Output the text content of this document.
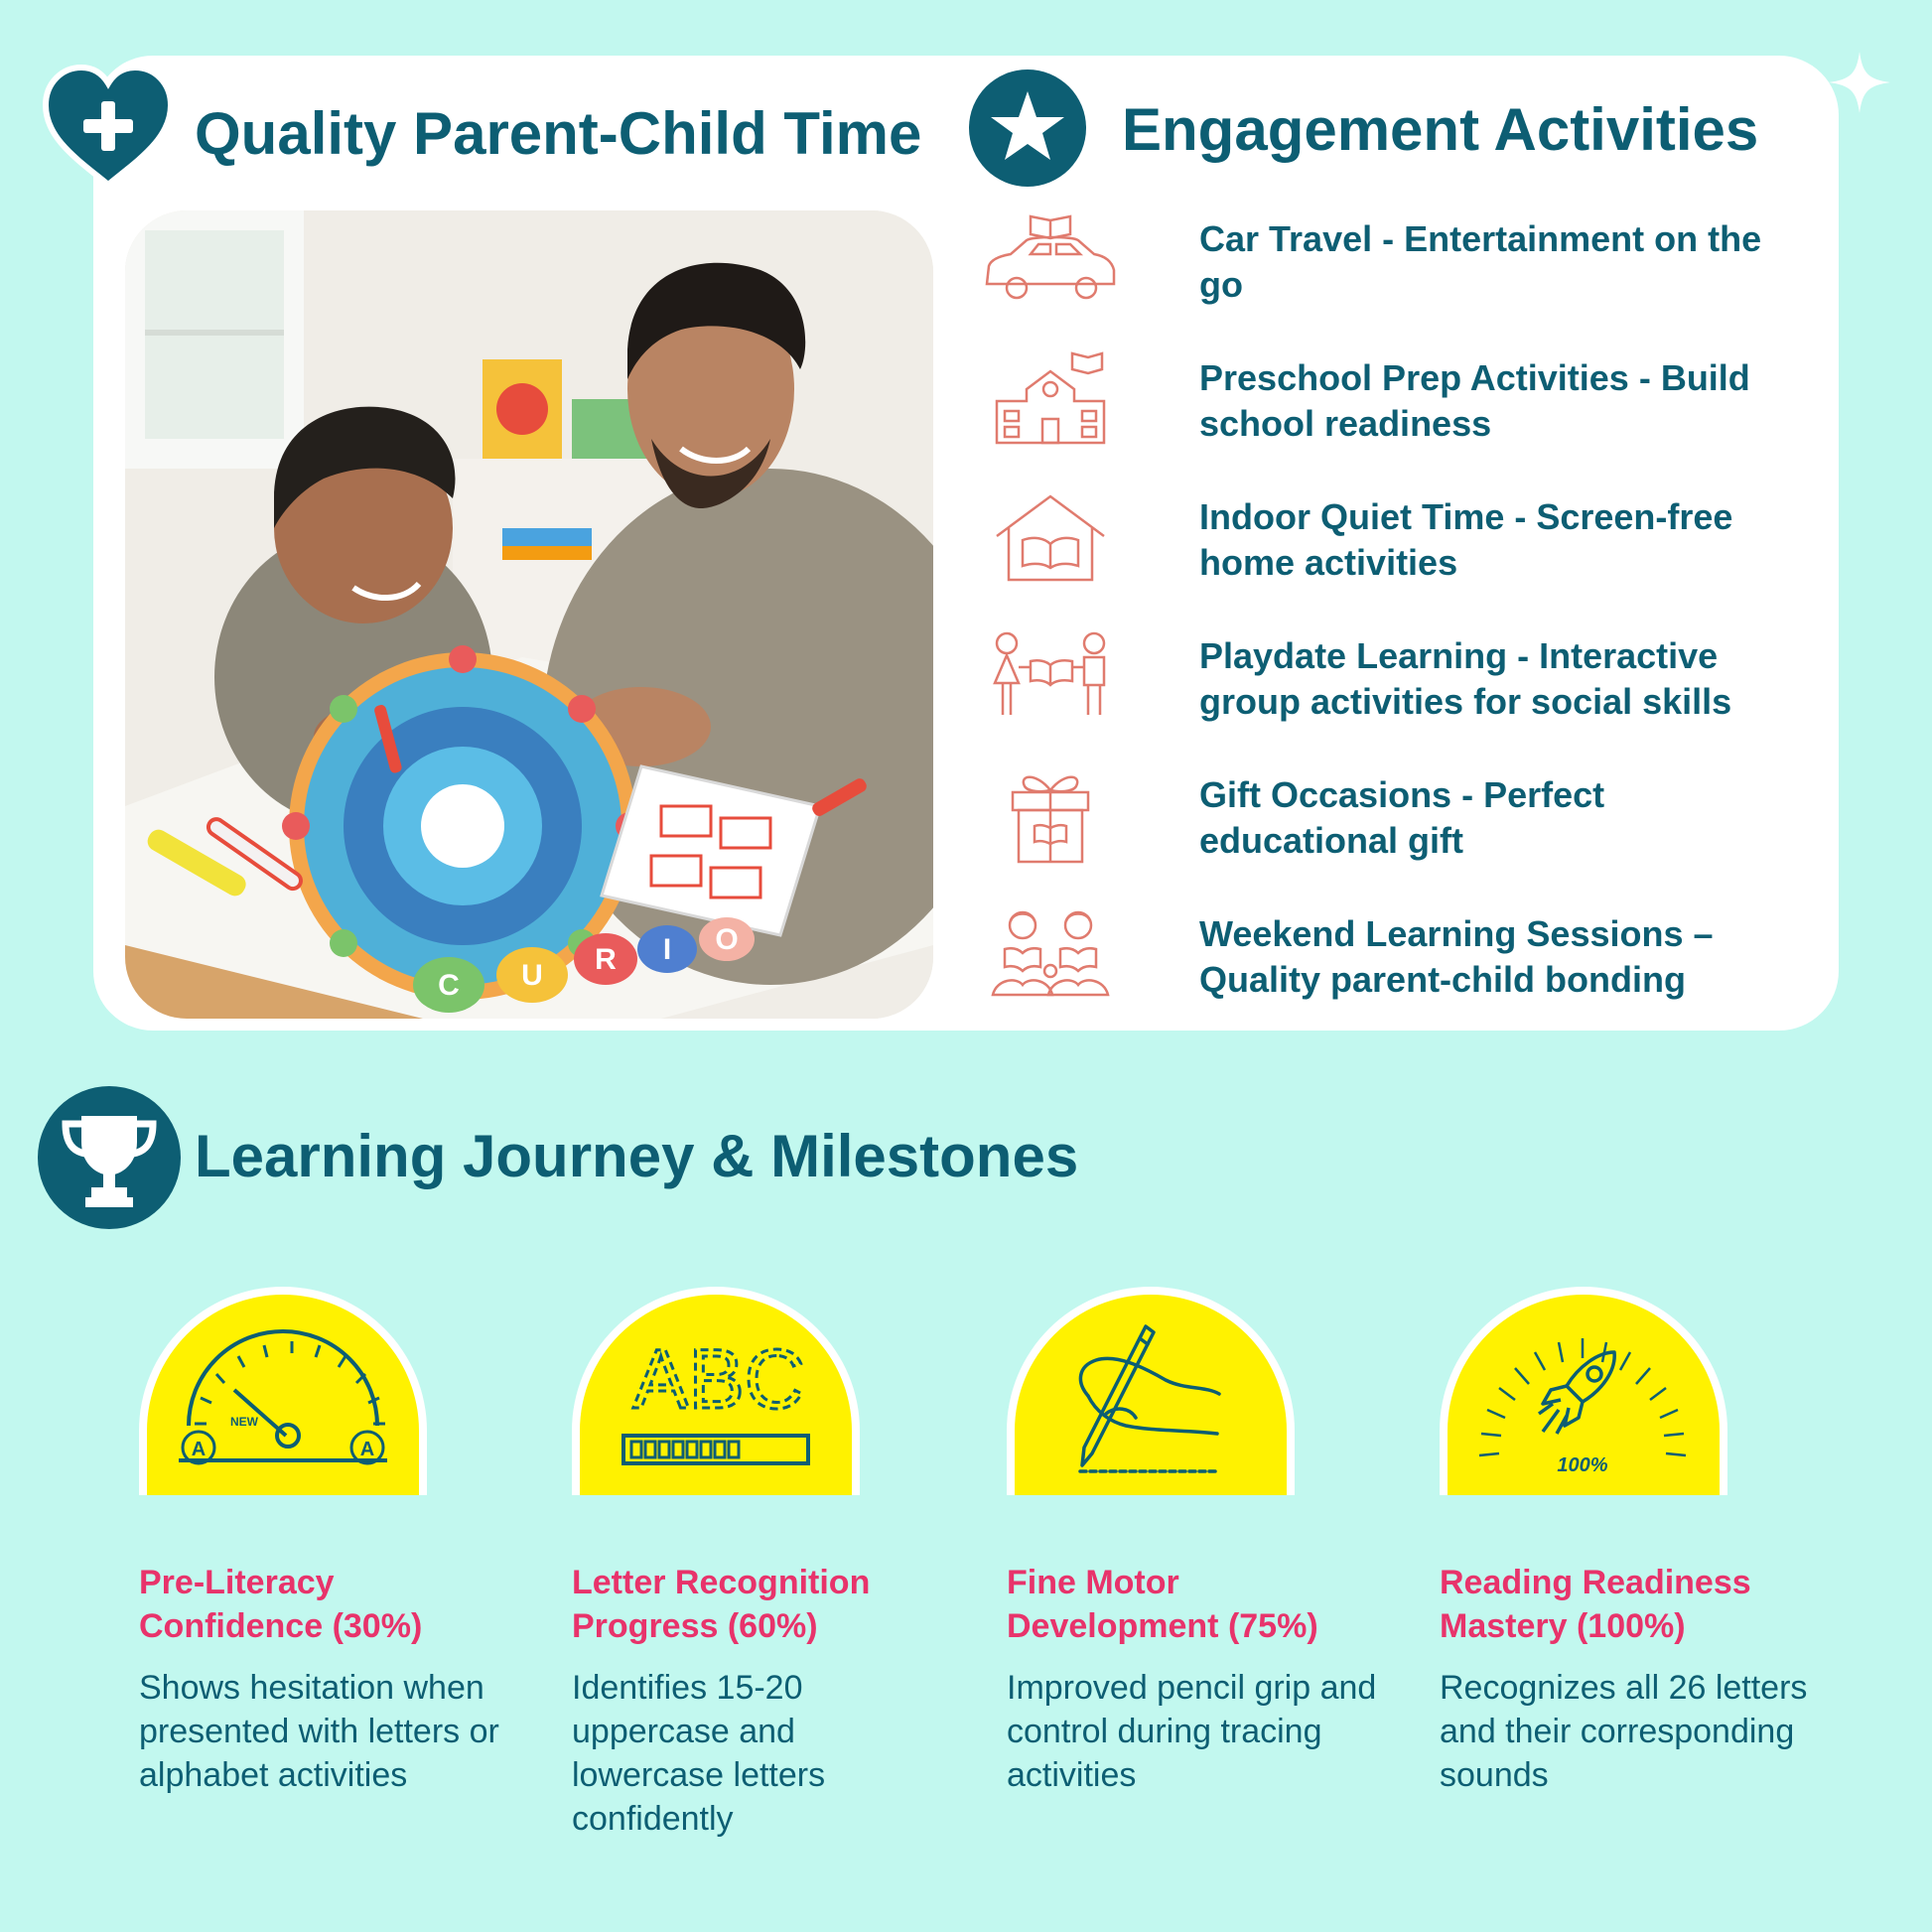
Quality Parent-Child Time
C U R I O
Engagement Activities
Car Travel - Entertainment on the go
Preschool Prep Activities - Build school readiness
Indoor Quiet Time - Screen-free home activities
Playdate Learning - Interactive group activities for social skills
Gift Occasions - Perfect educational gift
Weekend Learning Sessions – Quality parent-child bonding
Learning Journey & Milestones
A	A
NEW
Pre-Literacy Confidence (30%)
Shows hesitation when presented with letters or alphabet activities
ABC
Letter Recognition Progress (60%)
Identifies 15-20 uppercase and lowercase letters confidently
Fine Motor Development (75%)
Improved pencil grip and control during tracing activities
100%
Reading Readiness Mastery (100%)
Recognizes all 26 letters and their corresponding sounds
